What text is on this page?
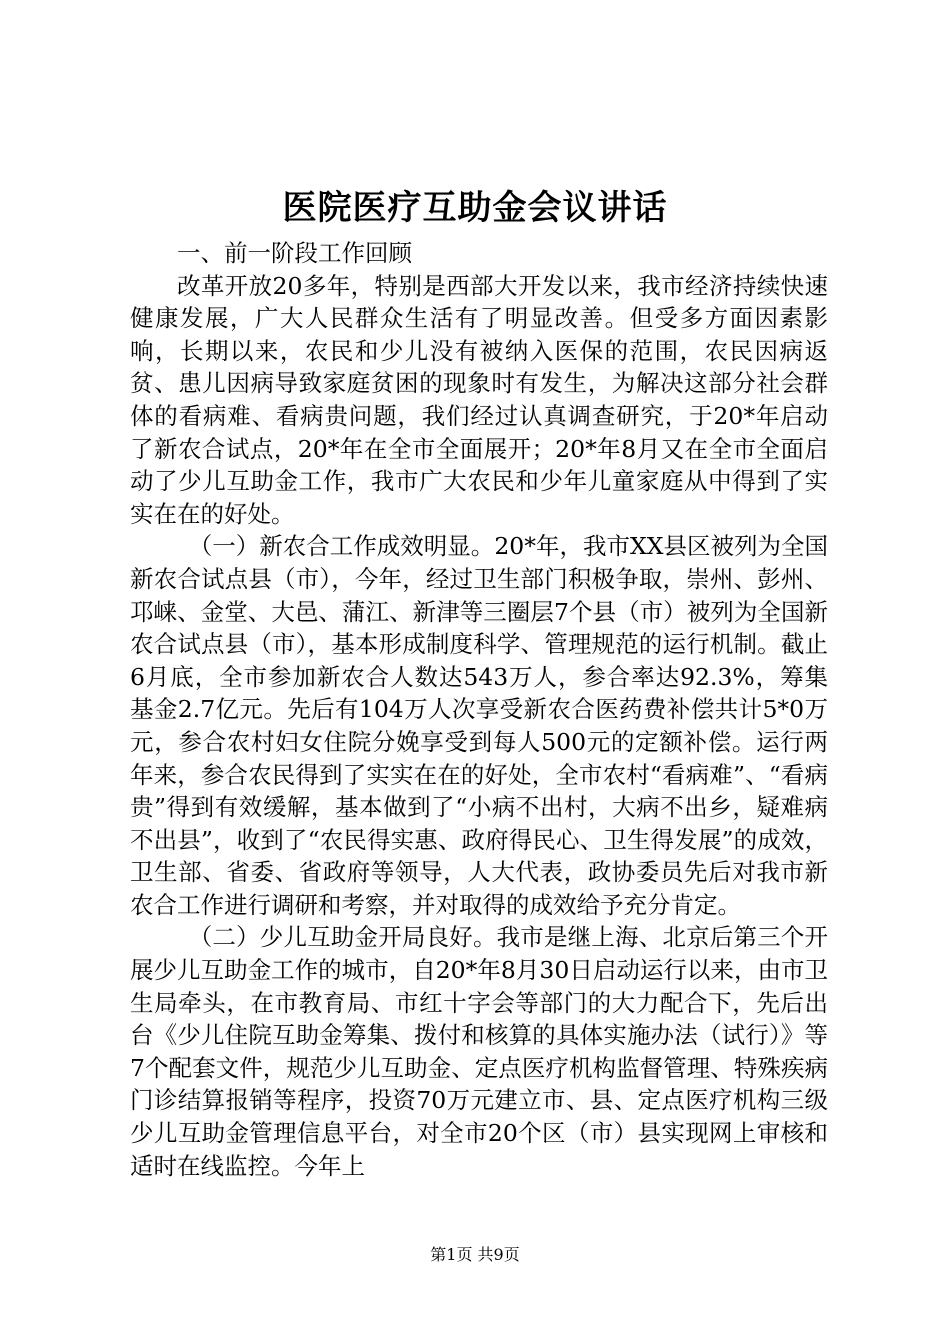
医院医疗互助金会议讲话

一、前一阶段工作回顾

改革开放20多年，特别是西部大开发以来，我市经济持续快速健康发展，广大人民群众生活有了明显改善。但受多方面因素影响，长期以来，农民和少儿没有被纳入医保的范围，农民因病返贫、患儿因病导致家庭贫困的现象时有发生，为解决这部分社会群体的看病难、看病贵问题，我们经过认真调查研究，于20*年启动了新农合试点，20*年在全市全面展开；20*年8月又在全市全面启动了少儿互助金工作，我市广大农民和少年儿童家庭从中得到了实实在在的好处。

（一）新农合工作成效明显。20*年，我市XX县区被列为全国新农合试点县（市），今年，经过卫生部门积极争取，崇州、彭州、邛崃、金堂、大邑、蒲江、新津等三圈层7个县（市）被列为全国新农合试点县（市），基本形成制度科学、管理规范的运行机制。截止6月底，全市参加新农合人数达543万人，参合率达92.3%，筹集基金2.7亿元。先后有104万人次享受新农合医药费补偿共计5*0万元，参合农村妇女住院分娩享受到每人500元的定额补偿。运行两年来，参合农民得到了实实在在的好处，全市农村“看病难”、“看病贵”得到有效缓解，基本做到了“小病不出村，大病不出乡，疑难病不出县”，收到了“农民得实惠、政府得民心、卫生得发展”的成效，卫生部、省委、省政府等领导，人大代表，政协委员先后对我市新农合工作进行调研和考察，并对取得的成效给予充分肯定。

（二）少儿互助金开局良好。我市是继上海、北京后第三个开展少儿互助金工作的城市，自20*年8月30日启动运行以来，由市卫生局牵头，在市教育局、市红十字会等部门的大力配合下，先后出台《少儿住院互助金筹集、拨付和核算的具体实施办法（试行）》等7个配套文件，规范少儿互助金、定点医疗机构监督管理、特殊疾病门诊结算报销等程序，投资70万元建立市、县、定点医疗机构三级少儿互助金管理信息平台，对全市20个区（市）县实现网上审核和适时在线监控。今年上

第1页 共9页
